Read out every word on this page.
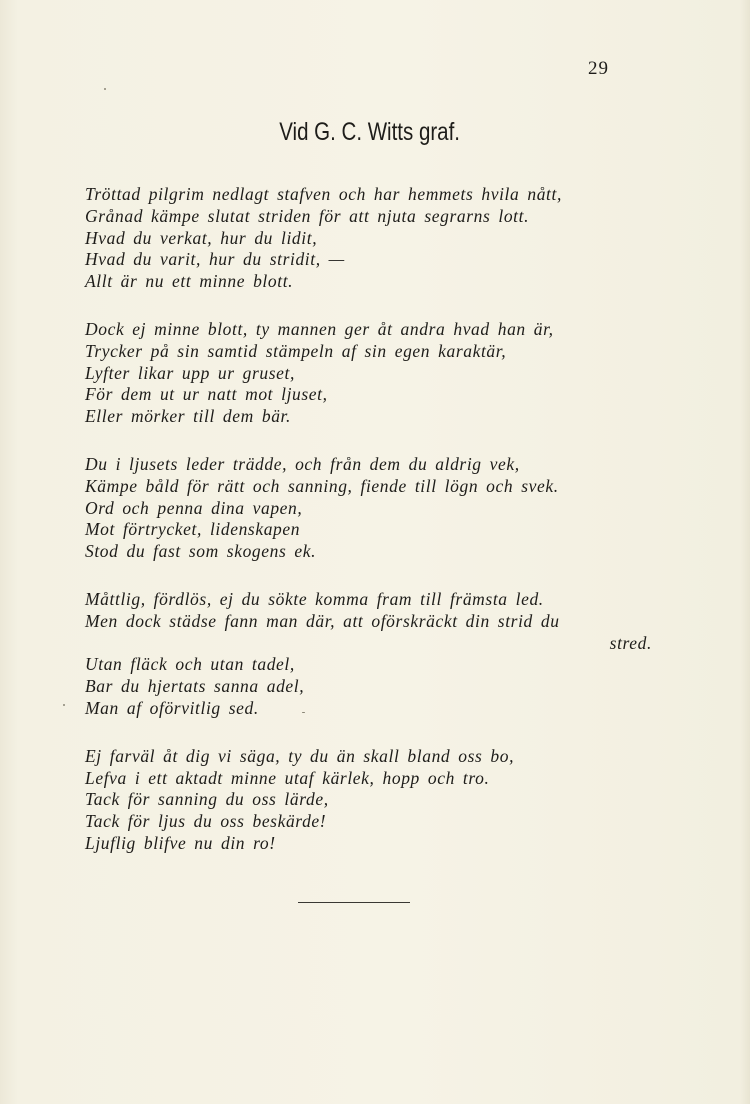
29
Vid G. C. Witts graf.
Tröttad pilgrim nedlagt stafven och har hemmets hvila nått,
Grånad kämpe slutat striden för att njuta segrarns lott.
Hvad du verkat, hur du lidit,
Hvad du varit, hur du stridit, —
Allt är nu ett minne blott.
Dock ej minne blott, ty mannen ger åt andra hvad han är,
Trycker på sin samtid stämpeln af sin egen karaktär,
Lyfter likar upp ur gruset,
För dem ut ur natt mot ljuset,
Eller mörker till dem bär.
Du i ljusets leder trädde, och från dem du aldrig vek,
Kämpe båld för rätt och sanning, fiende till lögn och svek.
Ord och penna dina vapen,
Mot förtrycket, lidenskapen
Stod du fast som skogens ek.
Måttlig, fördlös, ej du sökte komma fram till främsta led.
Men dock städse fann man där, att oförskräckt din strid du
stred.
Utan fläck och utan tadel,
Bar du hjertats sanna adel,
Man af oförvitlig sed.
Ej farväl åt dig vi säga, ty du än skall bland oss bo,
Lefva i ett aktadt minne utaf kärlek, hopp och tro.
Tack för sanning du oss lärde,
Tack för ljus du oss beskärde!
Ljuflig blifve nu din ro!
